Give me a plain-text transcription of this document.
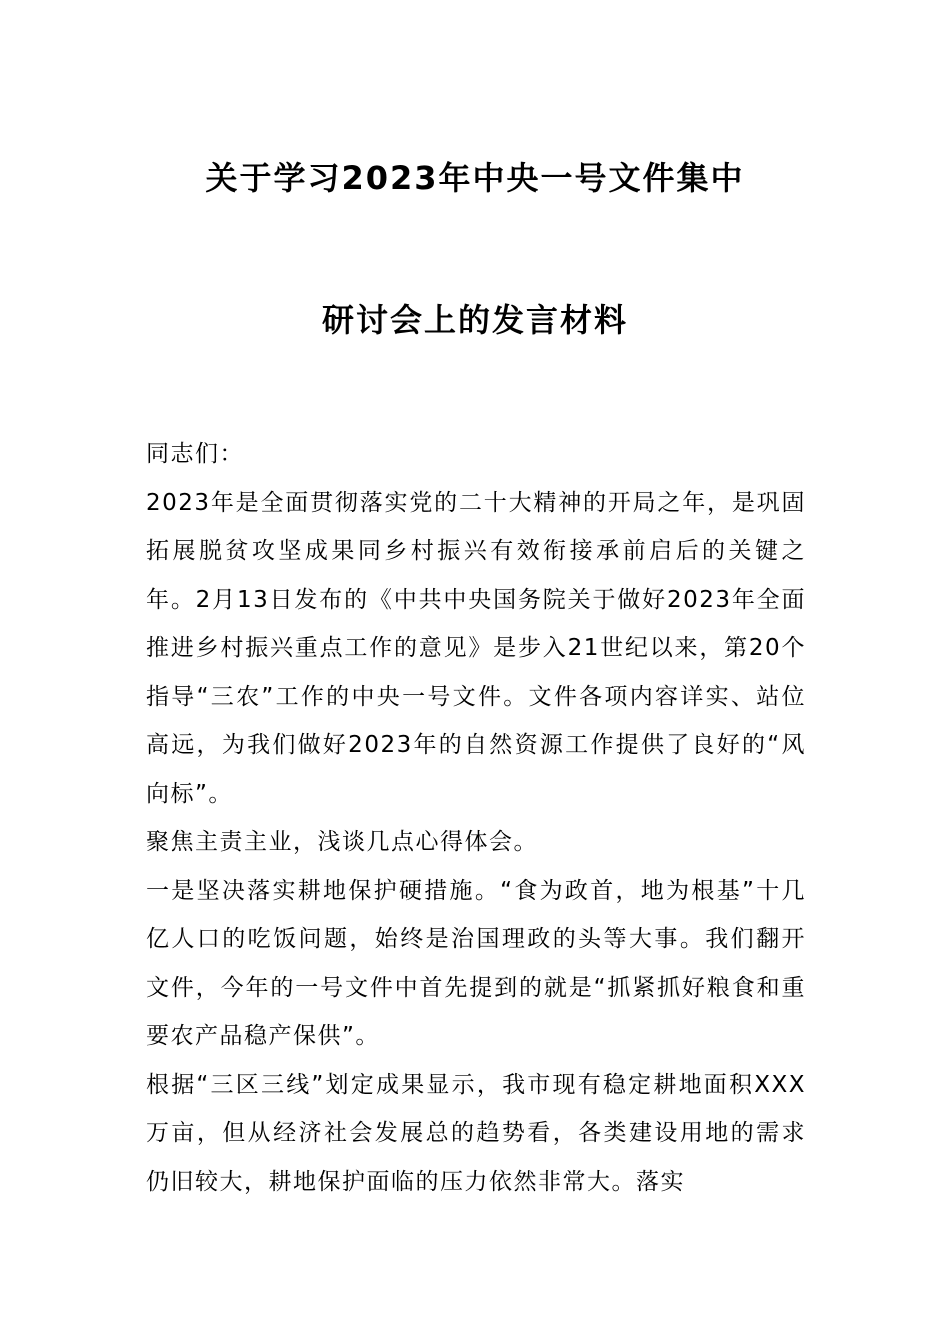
关于学习2023年中央一号文件集中
研讨会上的发言材料

同志们：

2023年是全面贯彻落实党的二十大精神的开局之年，是巩固拓展脱贫攻坚成果同乡村振兴有效衔接承前启后的关键之年。2月13日发布的《中共中央国务院关于做好2023年全面推进乡村振兴重点工作的意见》是步入21世纪以来，第20个指导“三农”工作的中央一号文件。文件各项内容详实、站位高远，为我们做好2023年的自然资源工作提供了良好的“风向标”。

聚焦主责主业，浅谈几点心得体会。

一是坚决落实耕地保护硬措施。“食为政首，地为根基”十几亿人口的吃饭问题，始终是治国理政的头等大事。我们翻开文件，今年的一号文件中首先提到的就是“抓紧抓好粮食和重要农产品稳产保供”。

根据“三区三线”划定成果显示，我市现有稳定耕地面积XXX万亩，但从经济社会发展总的趋势看，各类建设用地的需求仍旧较大，耕地保护面临的压力依然非常大。落实
